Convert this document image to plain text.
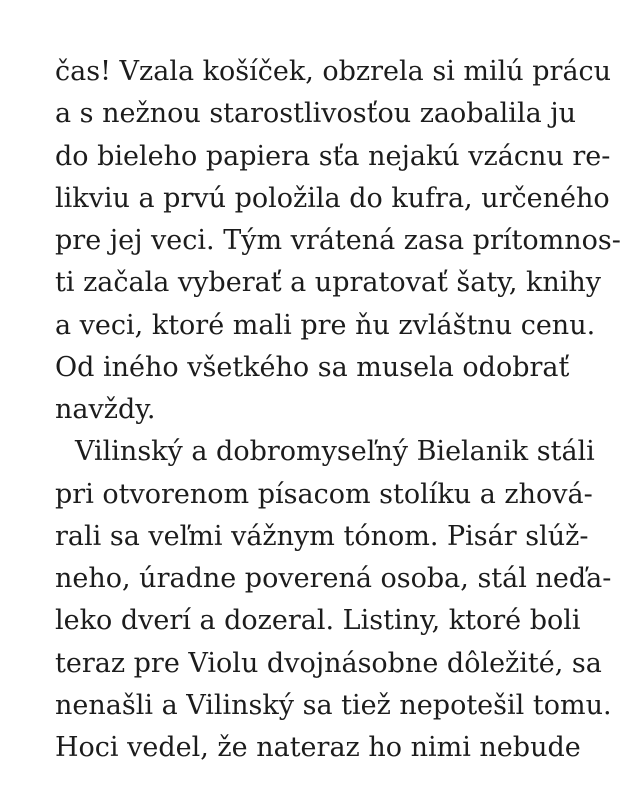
čas! Vzala košíček, obzrela si milú prácu
a s nežnou starostlivosťou zaobalila ju
do bieleho papiera sťa nejakú vzácnu re-
likviu a prvú položila do kufra, určeného
pre jej veci. Tým vrátená zasa prítomnos-
ti začala vyberať a upratovať šaty, knihy
a veci, ktoré mali pre ňu zvláštnu cenu.
Od iného všetkého sa musela odobrať
navždy.
Vilinský a dobromyseľný Bielanik stáli
pri otvorenom písacom stolíku a zhová-
rali sa veľmi vážnym tónom. Pisár slúž-
neho, úradne poverená osoba, stál neďa-
leko dverí a dozeral. Listiny, ktoré boli
teraz pre Violu dvojnásobne dôležité, sa
nenašli a Vilinský sa tiež nepotešil tomu.
Hoci vedel, že nateraz ho nimi nebude
